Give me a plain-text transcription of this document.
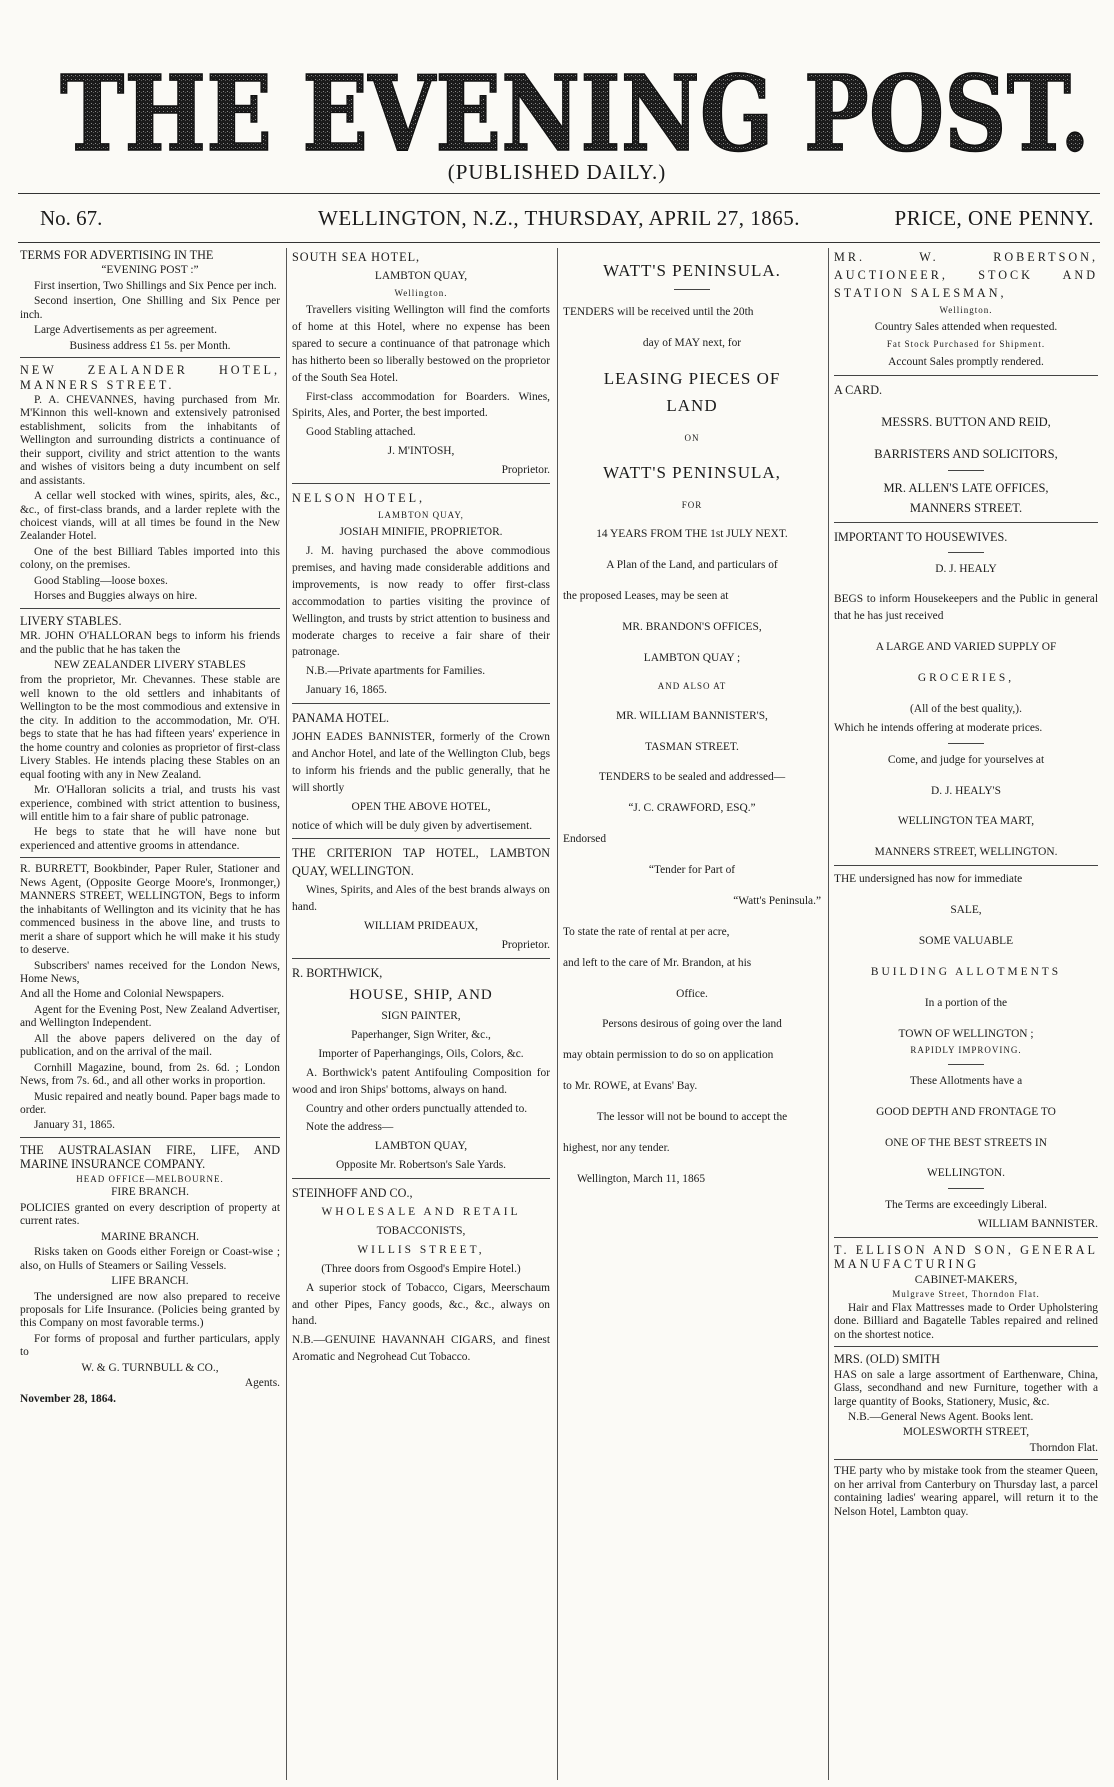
THE EVENING POST.
(PUBLISHED DAILY.)
No. 67.	WELLINGTON, N.Z., THURSDAY, APRIL 27, 1865.	PRICE, ONE PENNY.

TERMS FOR ADVERTISING IN THE

“EVENING POST :”

First insertion, Two Shillings and Six Pence per inch.

Second insertion, One Shilling and Six Pence per inch.

Large Advertisements as per agreement.

Business address £1 5s. per Month.

NEW ZEALANDER HOTEL, MANNERS STREET.

P. A. CHEVANNES, having purchased from Mr. M'Kinnon this well-known and extensively patronised establishment, solicits from the inhabitants of Wellington and surrounding districts a continuance of their support, civility and strict attention to the wants and wishes of visitors being a duty incumbent on self and assistants.

A cellar well stocked with wines, spirits, ales, &c., &c., of first-class brands, and a larder replete with the choicest viands, will at all times be found in the New Zealander Hotel.

One of the best Billiard Tables imported into this colony, on the premises.

Good Stabling—loose boxes.

Horses and Buggies always on hire.

LIVERY STABLES.

MR. JOHN O'HALLORAN begs to inform his friends and the public that he has taken the

NEW ZEALANDER LIVERY STABLES

from the proprietor, Mr. Chevannes. These stable are well known to the old settlers and inhabitants of Wellington to be the most commodious and extensive in the city. In addition to the accommodation, Mr. O'H. begs to state that he has had fifteen years' experience in the home country and colonies as proprietor of first-class Livery Stables. He intends placing these Stables on an equal footing with any in New Zealand.

Mr. O'Halloran solicits a trial, and trusts his vast experience, combined with strict attention to business, will entitle him to a fair share of public patronage.

He begs to state that he will have none but experienced and attentive grooms in attendance.

R. BURRETT, Bookbinder, Paper Ruler, Stationer and News Agent, (Opposite George Moore's, Ironmonger,) MANNERS STREET, WELLINGTON, Begs to inform the inhabitants of Wellington and its vicinity that he has commenced business in the above line, and trusts to merit a share of support which he will make it his study to deserve.

Subscribers' names received for the London News, Home News,

And all the Home and Colonial Newspapers.

Agent for the Evening Post, New Zealand Advertiser, and Wellington Independent.

All the above papers delivered on the day of publication, and on the arrival of the mail.

Cornhill Magazine, bound, from 2s. 6d. ; London News, from 7s. 6d., and all other works in proportion.

Music repaired and neatly bound. Paper bags made to order.

January 31, 1865.

THE AUSTRALASIAN FIRE, LIFE, AND MARINE INSURANCE COMPANY.

HEAD OFFICE—MELBOURNE.

FIRE BRANCH.

POLICIES granted on every description of property at current rates.

MARINE BRANCH.

Risks taken on Goods either Foreign or Coast-wise ; also, on Hulls of Steamers or Sailing Vessels.

LIFE BRANCH.

The undersigned are now also prepared to receive proposals for Life Insurance. (Policies being granted by this Company on most favorable terms.)

For forms of proposal and further particulars, apply to

W. & G. TURNBULL & CO.,

Agents.

November 28, 1864.

SOUTH SEA HOTEL,

LAMBTON QUAY,

Wellington.

Travellers visiting Wellington will find the comforts of home at this Hotel, where no expense has been spared to secure a continuance of that patronage which has hitherto been so liberally bestowed on the proprietor of the South Sea Hotel.

First-class accommodation for Boarders. Wines, Spirits, Ales, and Porter, the best imported.

Good Stabling attached.

J. M'INTOSH,

Proprietor.

NELSON HOTEL,

LAMBTON QUAY,

JOSIAH MINIFIE, PROPRIETOR.

J. M. having purchased the above commodious premises, and having made considerable additions and improvements, is now ready to offer first-class accommodation to parties visiting the province of Wellington, and trusts by strict attention to business and moderate charges to receive a fair share of their patronage.

N.B.—Private apartments for Families.

January 16, 1865.

PANAMA HOTEL.

JOHN EADES BANNISTER, formerly of the Crown and Anchor Hotel, and late of the Wellington Club, begs to inform his friends and the public generally, that he will shortly

OPEN THE ABOVE HOTEL,

notice of which will be duly given by advertisement.

THE CRITERION TAP HOTEL, LAMBTON QUAY, WELLINGTON.

Wines, Spirits, and Ales of the best brands always on hand.

WILLIAM PRIDEAUX,

Proprietor.

R. BORTHWICK,

HOUSE, SHIP, AND

SIGN PAINTER,

Paperhanger, Sign Writer, &c.,

Importer of Paperhangings, Oils, Colors, &c.

A. Borthwick's patent Antifouling Composition for wood and iron Ships' bottoms, always on hand.

Country and other orders punctually attended to.

Note the address—

LAMBTON QUAY,

Opposite Mr. Robertson's Sale Yards.

STEINHOFF AND CO.,

WHOLESALE AND RETAIL

TOBACCONISTS,

WILLIS STREET,

(Three doors from Osgood's Empire Hotel.)

A superior stock of Tobacco, Cigars, Meerschaum and other Pipes, Fancy goods, &c., &c., always on hand.

N.B.—GENUINE HAVANNAH CIGARS, and finest Aromatic and Negrohead Cut Tobacco.

WATT'S PENINSULA.

TENDERS will be received until the 20th

day of MAY next, for

LEASING PIECES OF

LAND

ON

WATT'S PENINSULA,

FOR

14 YEARS FROM THE 1st JULY NEXT.

A Plan of the Land, and particulars of

the proposed Leases, may be seen at

MR. BRANDON'S OFFICES,

LAMBTON QUAY ;

AND ALSO AT

MR. WILLIAM BANNISTER'S,

TASMAN STREET.

TENDERS to be sealed and addressed—

“J. C. CRAWFORD, ESQ.”

Endorsed

“Tender for Part of

“Watt's Peninsula.”

To state the rate of rental at per acre,

and left to the care of Mr. Brandon, at his

Office.

Persons desirous of going over the land

may obtain permission to do so on application

to Mr. ROWE, at Evans' Bay.

The lessor will not be bound to accept the

highest, nor any tender.

Wellington, March 11, 1865

MR. W. ROBERTSON, AUCTIONEER, STOCK AND STATION SALESMAN,

Wellington.

Country Sales attended when requested.

Fat Stock Purchased for Shipment.

Account Sales promptly rendered.

A CARD.

MESSRS. BUTTON AND REID,

BARRISTERS AND SOLICITORS,

MR. ALLEN'S LATE OFFICES,

MANNERS STREET.

IMPORTANT TO HOUSEWIVES.

D. J. HEALY

BEGS to inform Housekeepers and the Public in general that he has just received

A LARGE AND VARIED SUPPLY OF

GROCERIES,

(All of the best quality,).

Which he intends offering at moderate prices.

Come, and judge for yourselves at

D. J. HEALY'S

WELLINGTON TEA MART,

MANNERS STREET, WELLINGTON.

THE undersigned has now for immediate

SALE,

SOME VALUABLE

BUILDING ALLOTMENTS

In a portion of the

TOWN OF WELLINGTON ;

RAPIDLY IMPROVING.

These Allotments have a

GOOD DEPTH AND FRONTAGE TO

ONE OF THE BEST STREETS IN

WELLINGTON.

The Terms are exceedingly Liberal.

WILLIAM BANNISTER.

T. ELLISON AND SON, GENERAL MANUFACTURING

CABINET-MAKERS,

Mulgrave Street, Thorndon Flat.

Hair and Flax Mattresses made to Order Upholstering done. Billiard and Bagatelle Tables repaired and relined on the shortest notice.

MRS. (OLD) SMITH

HAS on sale a large assortment of Earthenware, China, Glass, secondhand and new Furniture, together with a large quantity of Books, Stationery, Music, &c.

N.B.—General News Agent. Books lent.

MOLESWORTH STREET,

Thorndon Flat.

THE party who by mistake took from the steamer Queen, on her arrival from Canterbury on Thursday last, a parcel containing ladies' wearing apparel, will return it to the Nelson Hotel, Lambton quay.
